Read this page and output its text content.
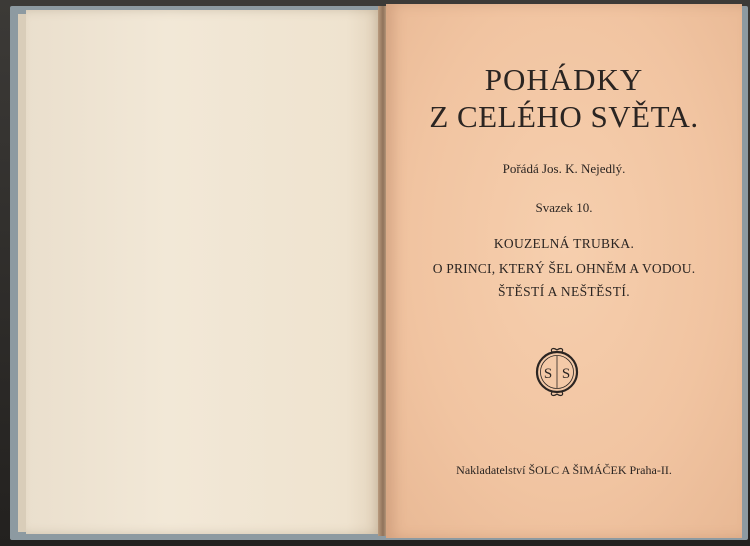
POHÁDKY
Z CELÉHO SVĚTA.
Pořádá Jos. K. Nejedlý.
Svazek 10.
KOUZELNÁ TRUBKA.
O PRINCI, KTERÝ ŠEL OHNĚM A VODOU.
ŠTĚSTÍ A NEŠTĚSTÍ.
S S
Nakladatelství ŠOLC A ŠIMÁČEK Praha-II.
